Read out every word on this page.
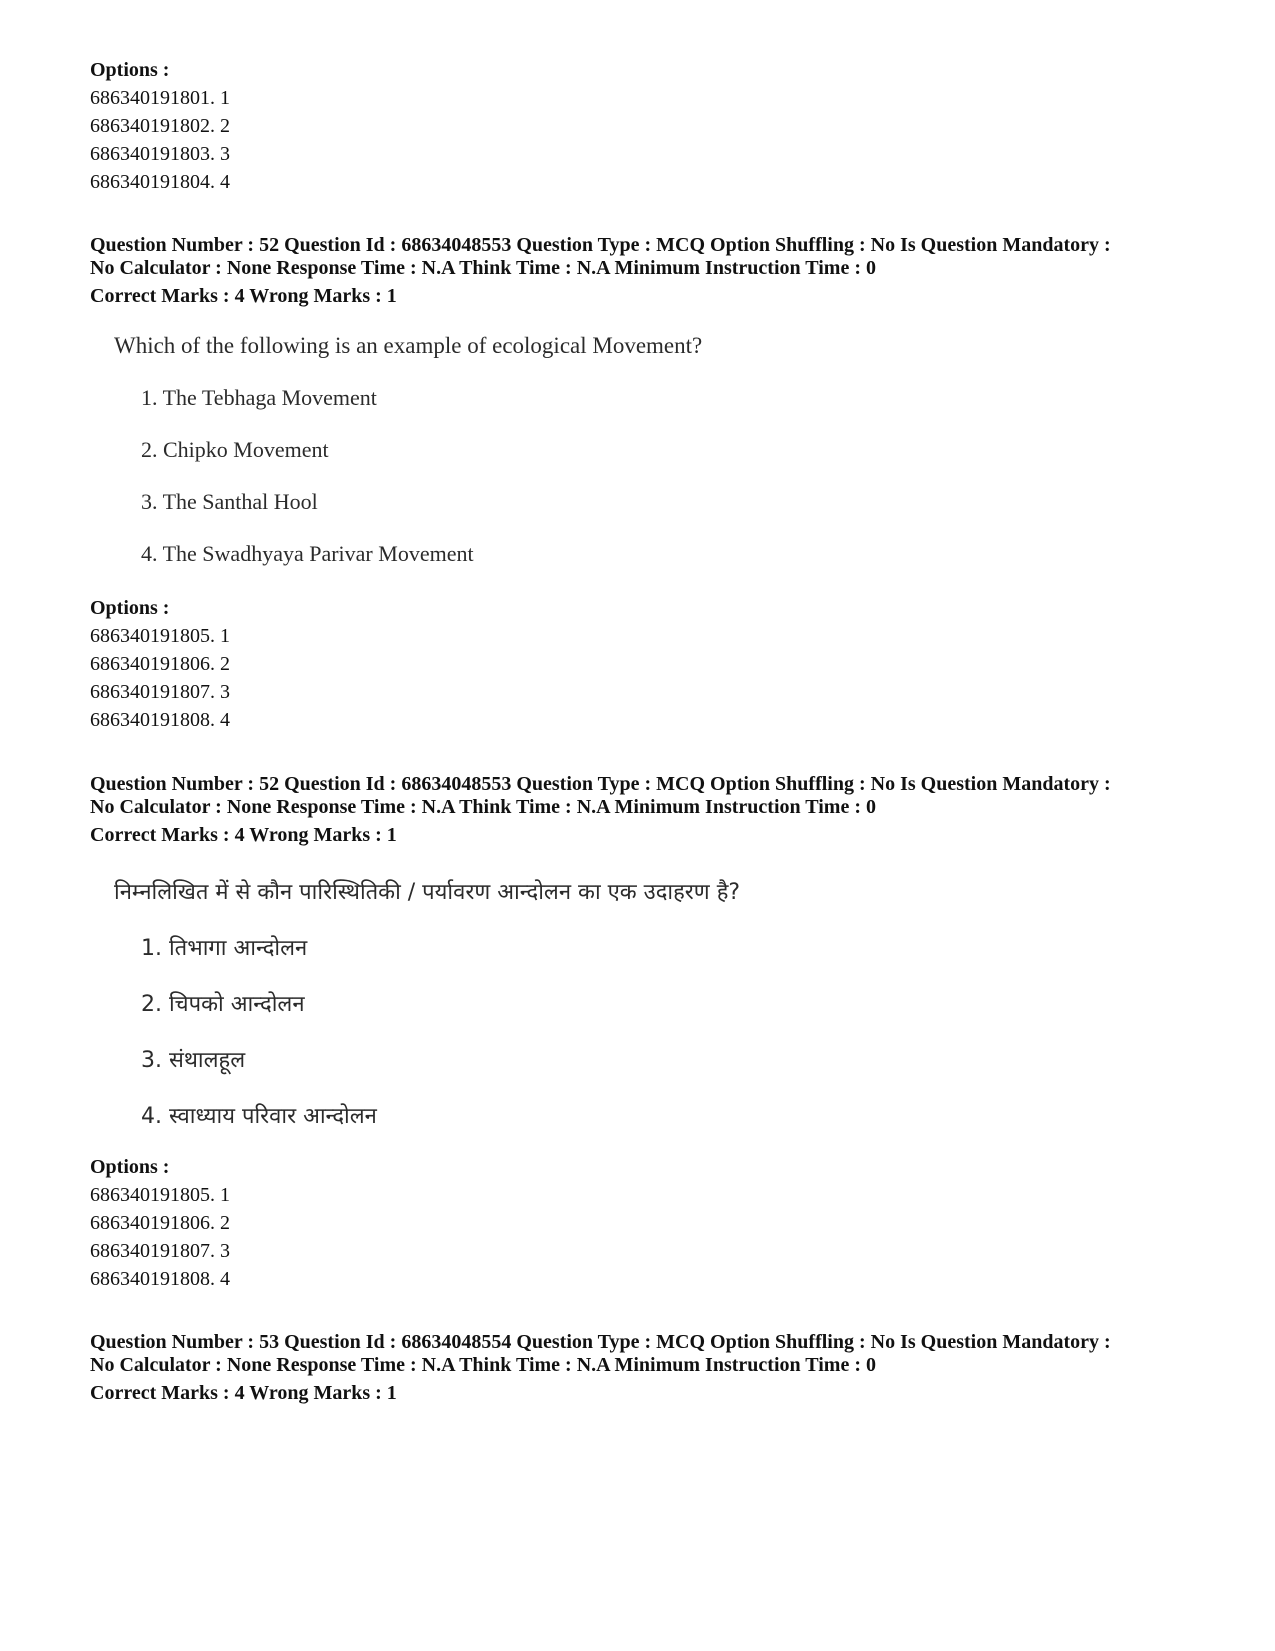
Options :
686340191801. 1
686340191802. 2
686340191803. 3
686340191804. 4
Question Number : 52 Question Id : 68634048553 Question Type : MCQ Option Shuffling : No Is Question Mandatory :
No Calculator : None Response Time : N.A Think Time : N.A Minimum Instruction Time : 0
Correct Marks : 4 Wrong Marks : 1
Which of the following is an example of ecological Movement?
1. The Tebhaga Movement
2. Chipko Movement
3. The Santhal Hool
4. The Swadhyaya Parivar Movement
Options :
686340191805. 1
686340191806. 2
686340191807. 3
686340191808. 4
Question Number : 52 Question Id : 68634048553 Question Type : MCQ Option Shuffling : No Is Question Mandatory :
No Calculator : None Response Time : N.A Think Time : N.A Minimum Instruction Time : 0
Correct Marks : 4 Wrong Marks : 1
निम्नलिखित में से कौन पारिस्थितिकी / पर्यावरण आन्दोलन का एक उदाहरण है?
1. तिभागा आन्दोलन
2. चिपको आन्दोलन
3. संथालहूल
4. स्वाध्याय परिवार आन्दोलन
Options :
686340191805. 1
686340191806. 2
686340191807. 3
686340191808. 4
Question Number : 53 Question Id : 68634048554 Question Type : MCQ Option Shuffling : No Is Question Mandatory :
No Calculator : None Response Time : N.A Think Time : N.A Minimum Instruction Time : 0
Correct Marks : 4 Wrong Marks : 1
